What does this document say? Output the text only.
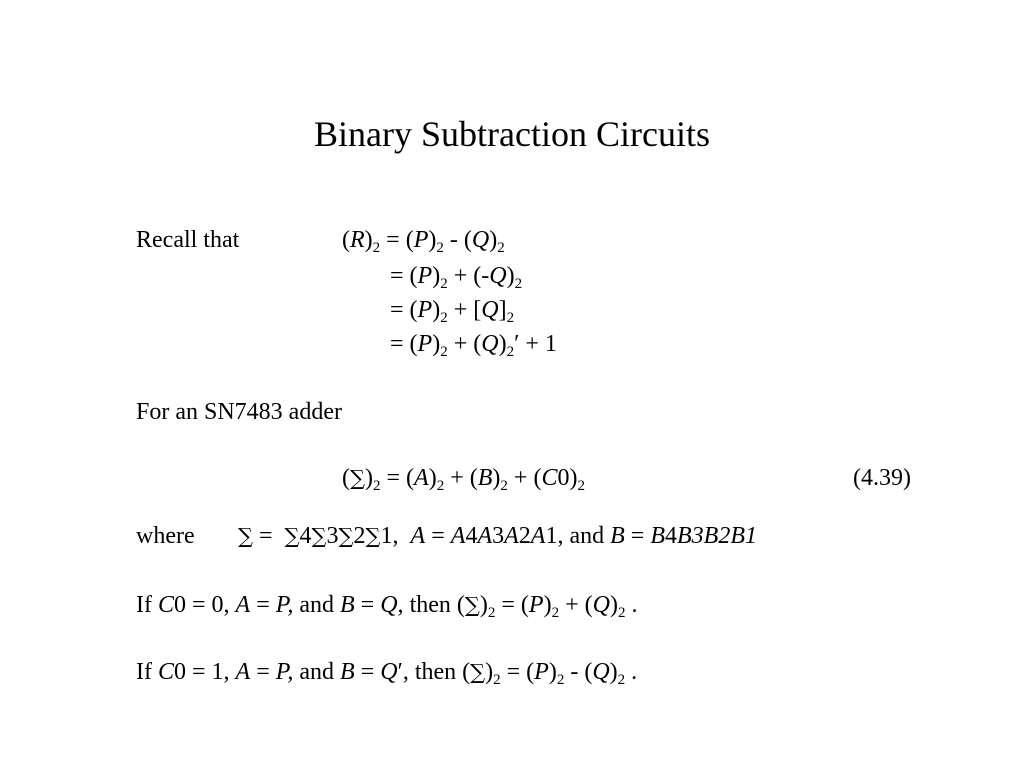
Binary Subtraction Circuits
Recall that	$(R)_2 = (P)_2 - (Q)_2$
= $(P)_2 + (-Q)_2$
= $(P)_2 + [Q]_2$
= $(P)_2 + (Q)_2' + 1$
For an SN7483 adder
$(\sum)_2 = (A)_2 + (B)_2 + (C0)_2$	(4.39)
where ∑ =  ∑4∑3∑2∑1,  A = A4A3A2A1, and B = B4B3B2B1
If C0 = 0, A = P, and B = Q, then $(\sum)_2 = (P)_2 + (Q)_2$ .
If C0 = 1, A = P, and B = Q′, then $(\sum)_2 = (P)_2 - (Q)_2$ .
